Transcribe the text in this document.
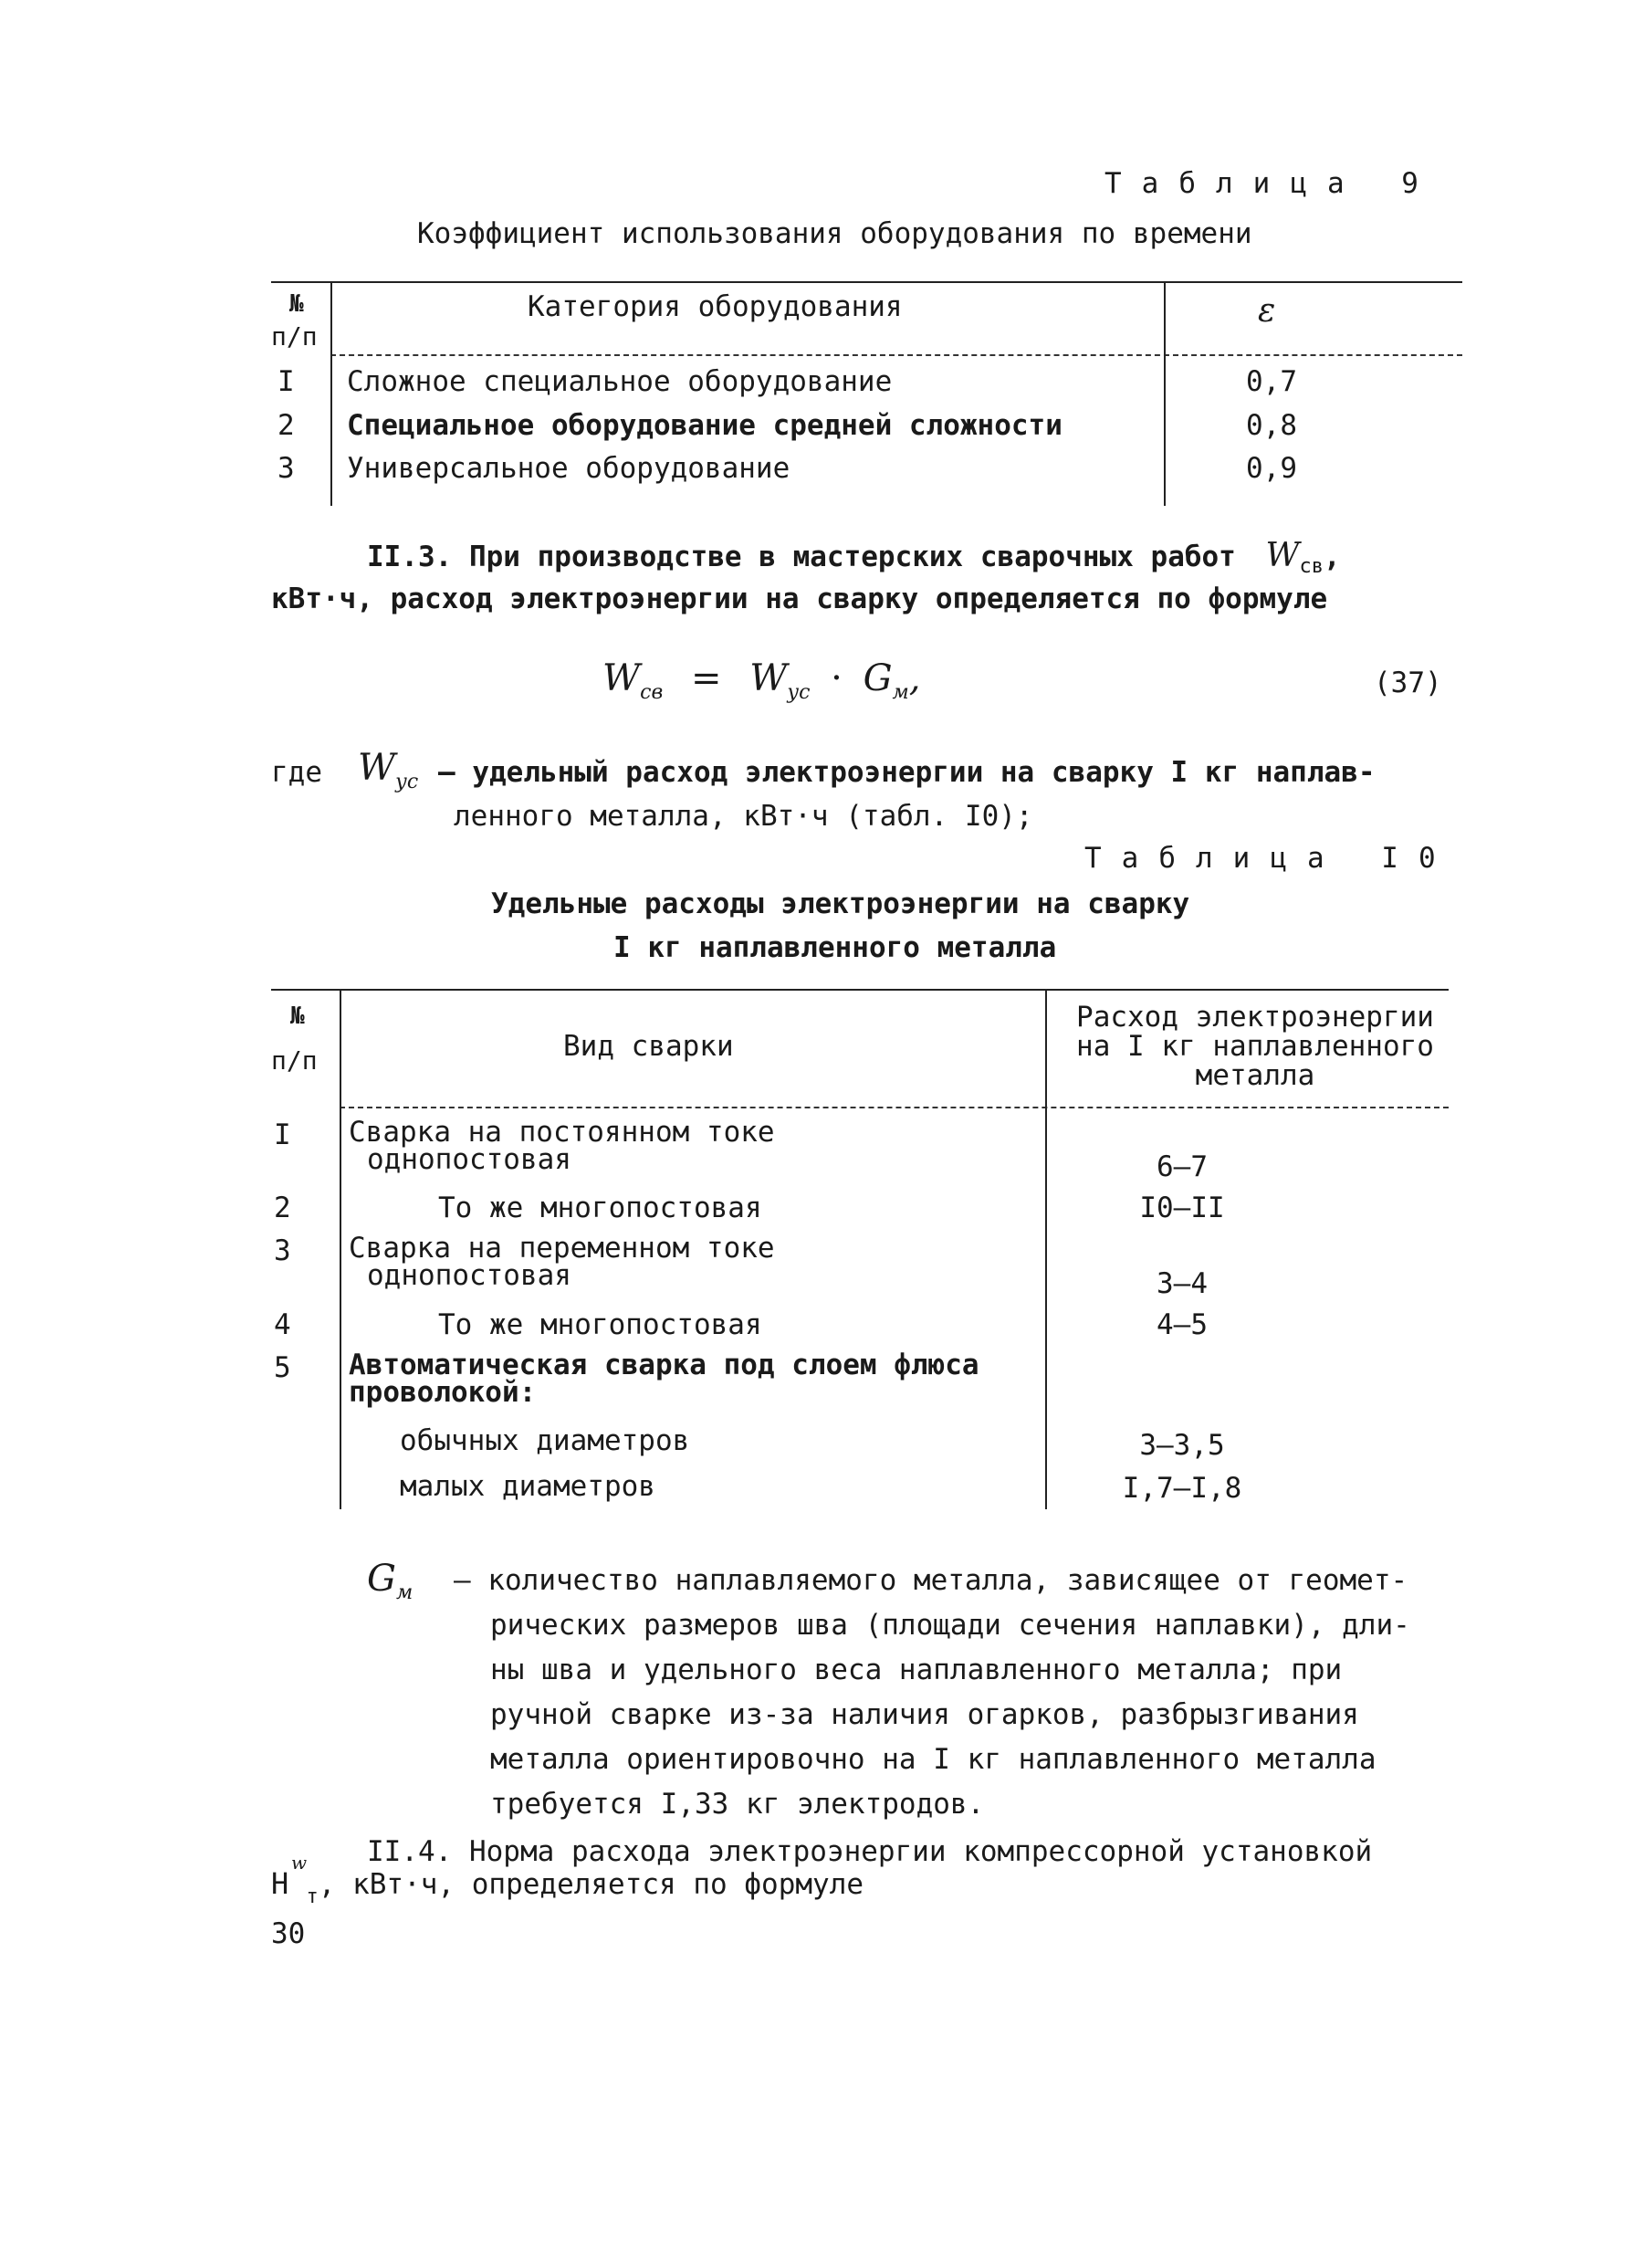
Таблица 9
Коэффициент использования оборудования по времени
№
п/п
Категория оборудования	ε
I Сложное специальное оборудование	0,7
2 Специальное оборудование средней сложности	0,8
3 Универсальное оборудование	0,9
II.3. При производстве в мастерских сварочных работ $W_{св}$,
кВт·ч, расход электроэнергии на сварку определяется по формуле
$W_{св} = W_{ус} \cdot G_м$,	(37)
где $W_{ус}$ – удельный расход электроэнергии на сварку I кг наплав-
ленного металла, кВт·ч (табл. I0);
Таблица I0
Удельные расходы электроэнергии на сварку
I кг наплавленного металла
№
п/п	Вид сварки
Расход электроэнергии
на I кг наплавленного
металла
I Сварка на постоянном токе
однопостовая	6–7
2	То же многопостовая	I0–II
3 Сварка на переменном токе
однопостовая	3–4
4	То же многопостовая	4–5
5 Автоматическая сварка под слоем флюса
проволокой:
обычных диаметров	3–3,5
малых диаметров	I,7–I,8
$G_м$ – количество наплавляемого металла, зависящее от геомет-
рических размеров шва (площади сечения наплавки), дли-
ны шва и удельного веса наплавленного металла; при
ручной сварке из-за наличия огарков, разбрызгивания
металла ориентировочно на I кг наплавленного металла
требуется I,33 кг электродов.
II.4. Норма расхода электроэнергии компрессорной установкой
Н
w
$_т$, кВт·ч, определяется по формуле
30
